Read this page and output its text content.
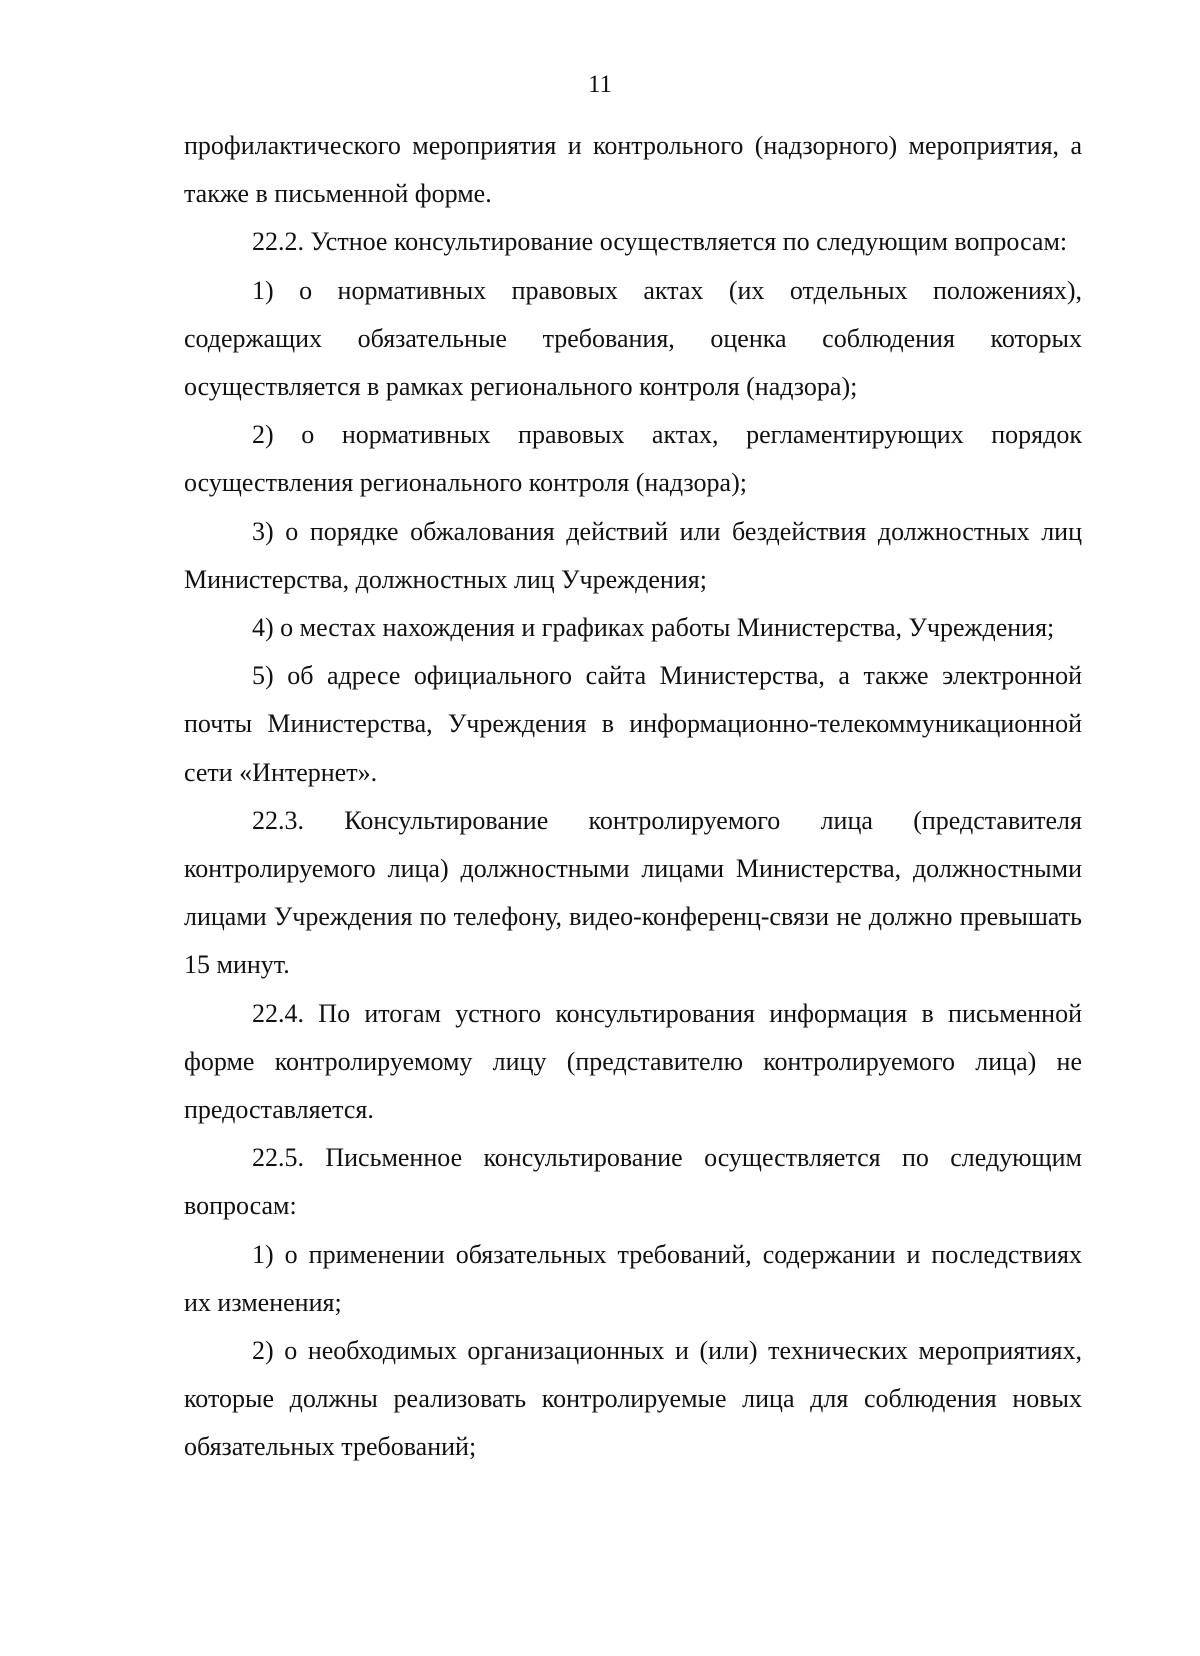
11

профилактического мероприятия и контрольного (надзорного) мероприятия, а также в письменной форме.

22.2. Устное консультирование осуществляется по следующим вопросам:

1) о нормативных правовых актах (их отдельных положениях), содержащих обязательные требования, оценка соблюдения которых осуществляется в рамках регионального контроля (надзора);

2) о нормативных правовых актах, регламентирующих порядок осуществления регионального контроля (надзора);

3) о порядке обжалования действий или бездействия должностных лиц Министерства, должностных лиц Учреждения;

4) о местах нахождения и графиках работы Министерства, Учреждения;

5) об адресе официального сайта Министерства, а также электронной почты Министерства, Учреждения в информационно-телекоммуникационной сети «Интернет».

22.3. Консультирование контролируемого лица (представителя контролируемого лица) должностными лицами Министерства, должностными лицами Учреждения по телефону, видео-конференц-связи не должно превышать 15 минут.

22.4. По итогам устного консультирования информация в письменной форме контролируемому лицу (представителю контролируемого лица) не предоставляется.

22.5. Письменное консультирование осуществляется по следующим вопросам:

1) о применении обязательных требований, содержании и последствиях их изменения;

2) о необходимых организационных и (или) технических мероприятиях, которые должны реализовать контролируемые лица для соблюдения новых обязательных требований;
